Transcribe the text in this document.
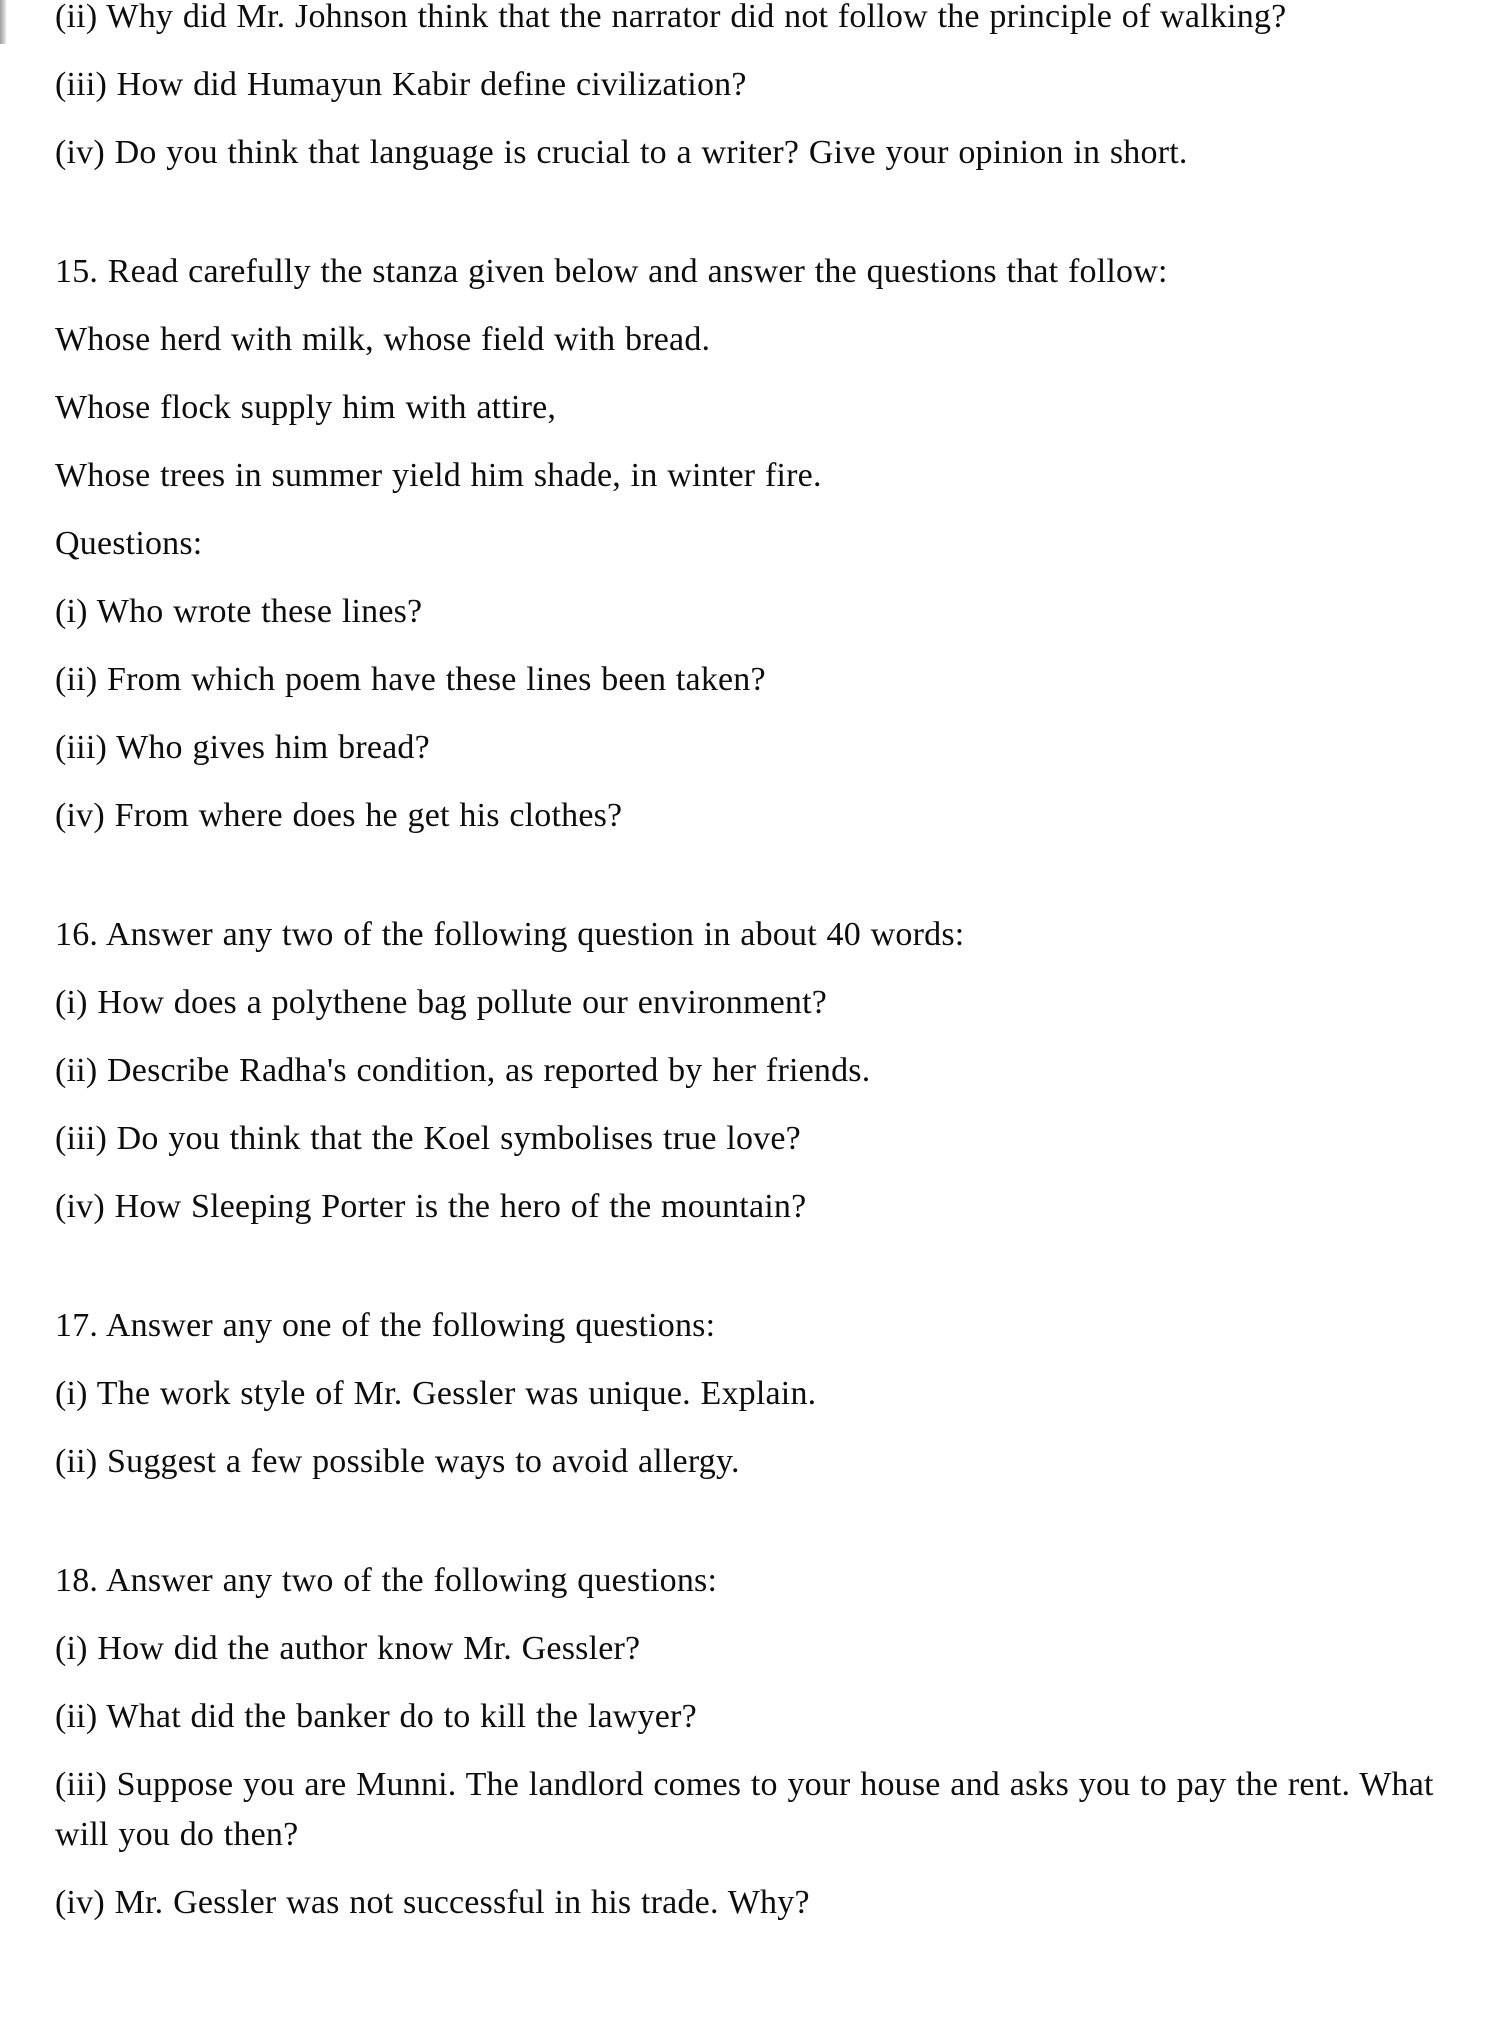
(ii) Why did Mr. Johnson think that the narrator did not follow the principle of walking?

(iii) How did Humayun Kabir define civilization?

(iv) Do you think that language is crucial to a writer? Give your opinion in short.

15. Read carefully the stanza given below and answer the questions that follow:

Whose herd with milk, whose field with bread.

Whose flock supply him with attire,

Whose trees in summer yield him shade, in winter fire.

Questions:

(i) Who wrote these lines?

(ii) From which poem have these lines been taken?

(iii) Who gives him bread?

(iv) From where does he get his clothes?

16. Answer any two of the following question in about 40 words:

(i) How does a polythene bag pollute our environment?

(ii) Describe Radha's condition, as reported by her friends.

(iii) Do you think that the Koel symbolises true love?

(iv) How Sleeping Porter is the hero of the mountain?

17. Answer any one of the following questions:

(i) The work style of Mr. Gessler was unique. Explain.

(ii) Suggest a few possible ways to avoid allergy.

18. Answer any two of the following questions:

(i) How did the author know Mr. Gessler?

(ii) What did the banker do to kill the lawyer?

(iii) Suppose you are Munni. The landlord comes to your house and asks you to pay the rent. What will you do then?

(iv) Mr. Gessler was not successful in his trade. Why?
